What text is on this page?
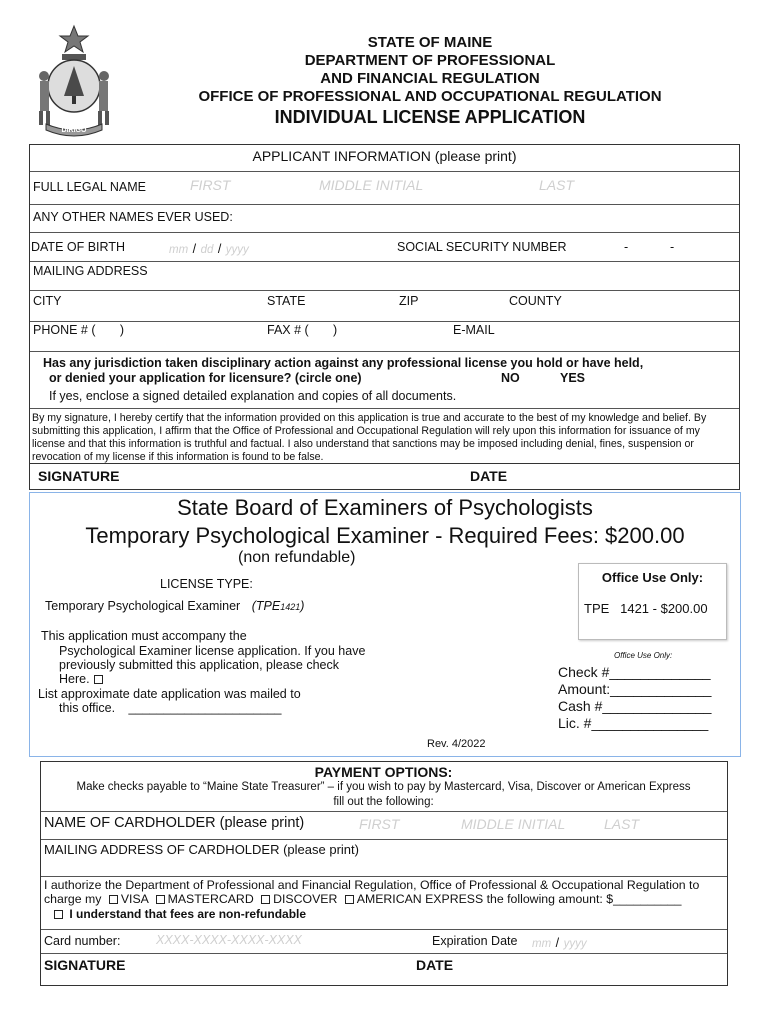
DIRIGO
STATE OF MAINE
DEPARTMENT OF PROFESSIONAL
AND FINANCIAL REGULATION
OFFICE OF PROFESSIONAL AND OCCUPATIONAL REGULATION
INDIVIDUAL LICENSE APPLICATION
APPLICANT INFORMATION (please print)
FULL LEGAL NAME	FIRST	MIDDLE INITIAL	LAST
ANY OTHER NAMES EVER USED:
DATE OF BIRTH	mm / dd / yyyy	SOCIAL SECURITY NUMBER	-	-
MAILING ADDRESS
CITY	STATE	ZIP	COUNTY
PHONE # (       )	FAX # (       )	E-MAIL
Has any jurisdiction taken disciplinary action against any professional license you hold or have held,
or denied your application for licensure? (circle one)	NO	YES
If yes, enclose a signed detailed explanation and copies of all documents.
By my signature, I hereby certify that the information provided on this application is true and accurate to the best of my knowledge and belief. By submitting this application, I affirm that the Office of Professional and Occupational Regulation will rely upon this information for issuance of my license and that this information is truthful and factual. I also understand that sanctions may be imposed including denial, fines, suspension or revocation of my license if this information is found to be false.
SIGNATURE	DATE
State Board of Examiners of Psychologists
Temporary Psychological Examiner - Required Fees: $200.00
(non refundable)
LICENSE TYPE:
Temporary Psychological Examiner (TPE1421)
This application must accompany the
Psychological Examiner license application. If you have
previously submitted this application, please check
Here.
List approximate date application was mailed to
this office. ______________________
Office Use Only:
Check #_____________
Amount:_____________
Cash #______________
Lic. #_______________
Rev. 4/2022
Office Use Only:
TPE   1421 - $200.00
PAYMENT OPTIONS:
Make checks payable to “Maine State Treasurer” – if you wish to pay by Mastercard, Visa, Discover or American Express
fill out the following:
NAME OF CARDHOLDER (please print)	FIRST	MIDDLE INITIAL	LAST
MAILING ADDRESS OF CARDHOLDER (please print)
I authorize the Department of Professional and Financial Regulation, Office of Professional & Occupational Regulation to
charge my VISA MASTERCARD DISCOVER AMERICAN EXPRESS the following amount: $__________
I understand that fees are non-refundable
Card number:	XXXX-XXXX-XXXX-XXXX	Expiration Date mm / yyyy
SIGNATURE	DATE
